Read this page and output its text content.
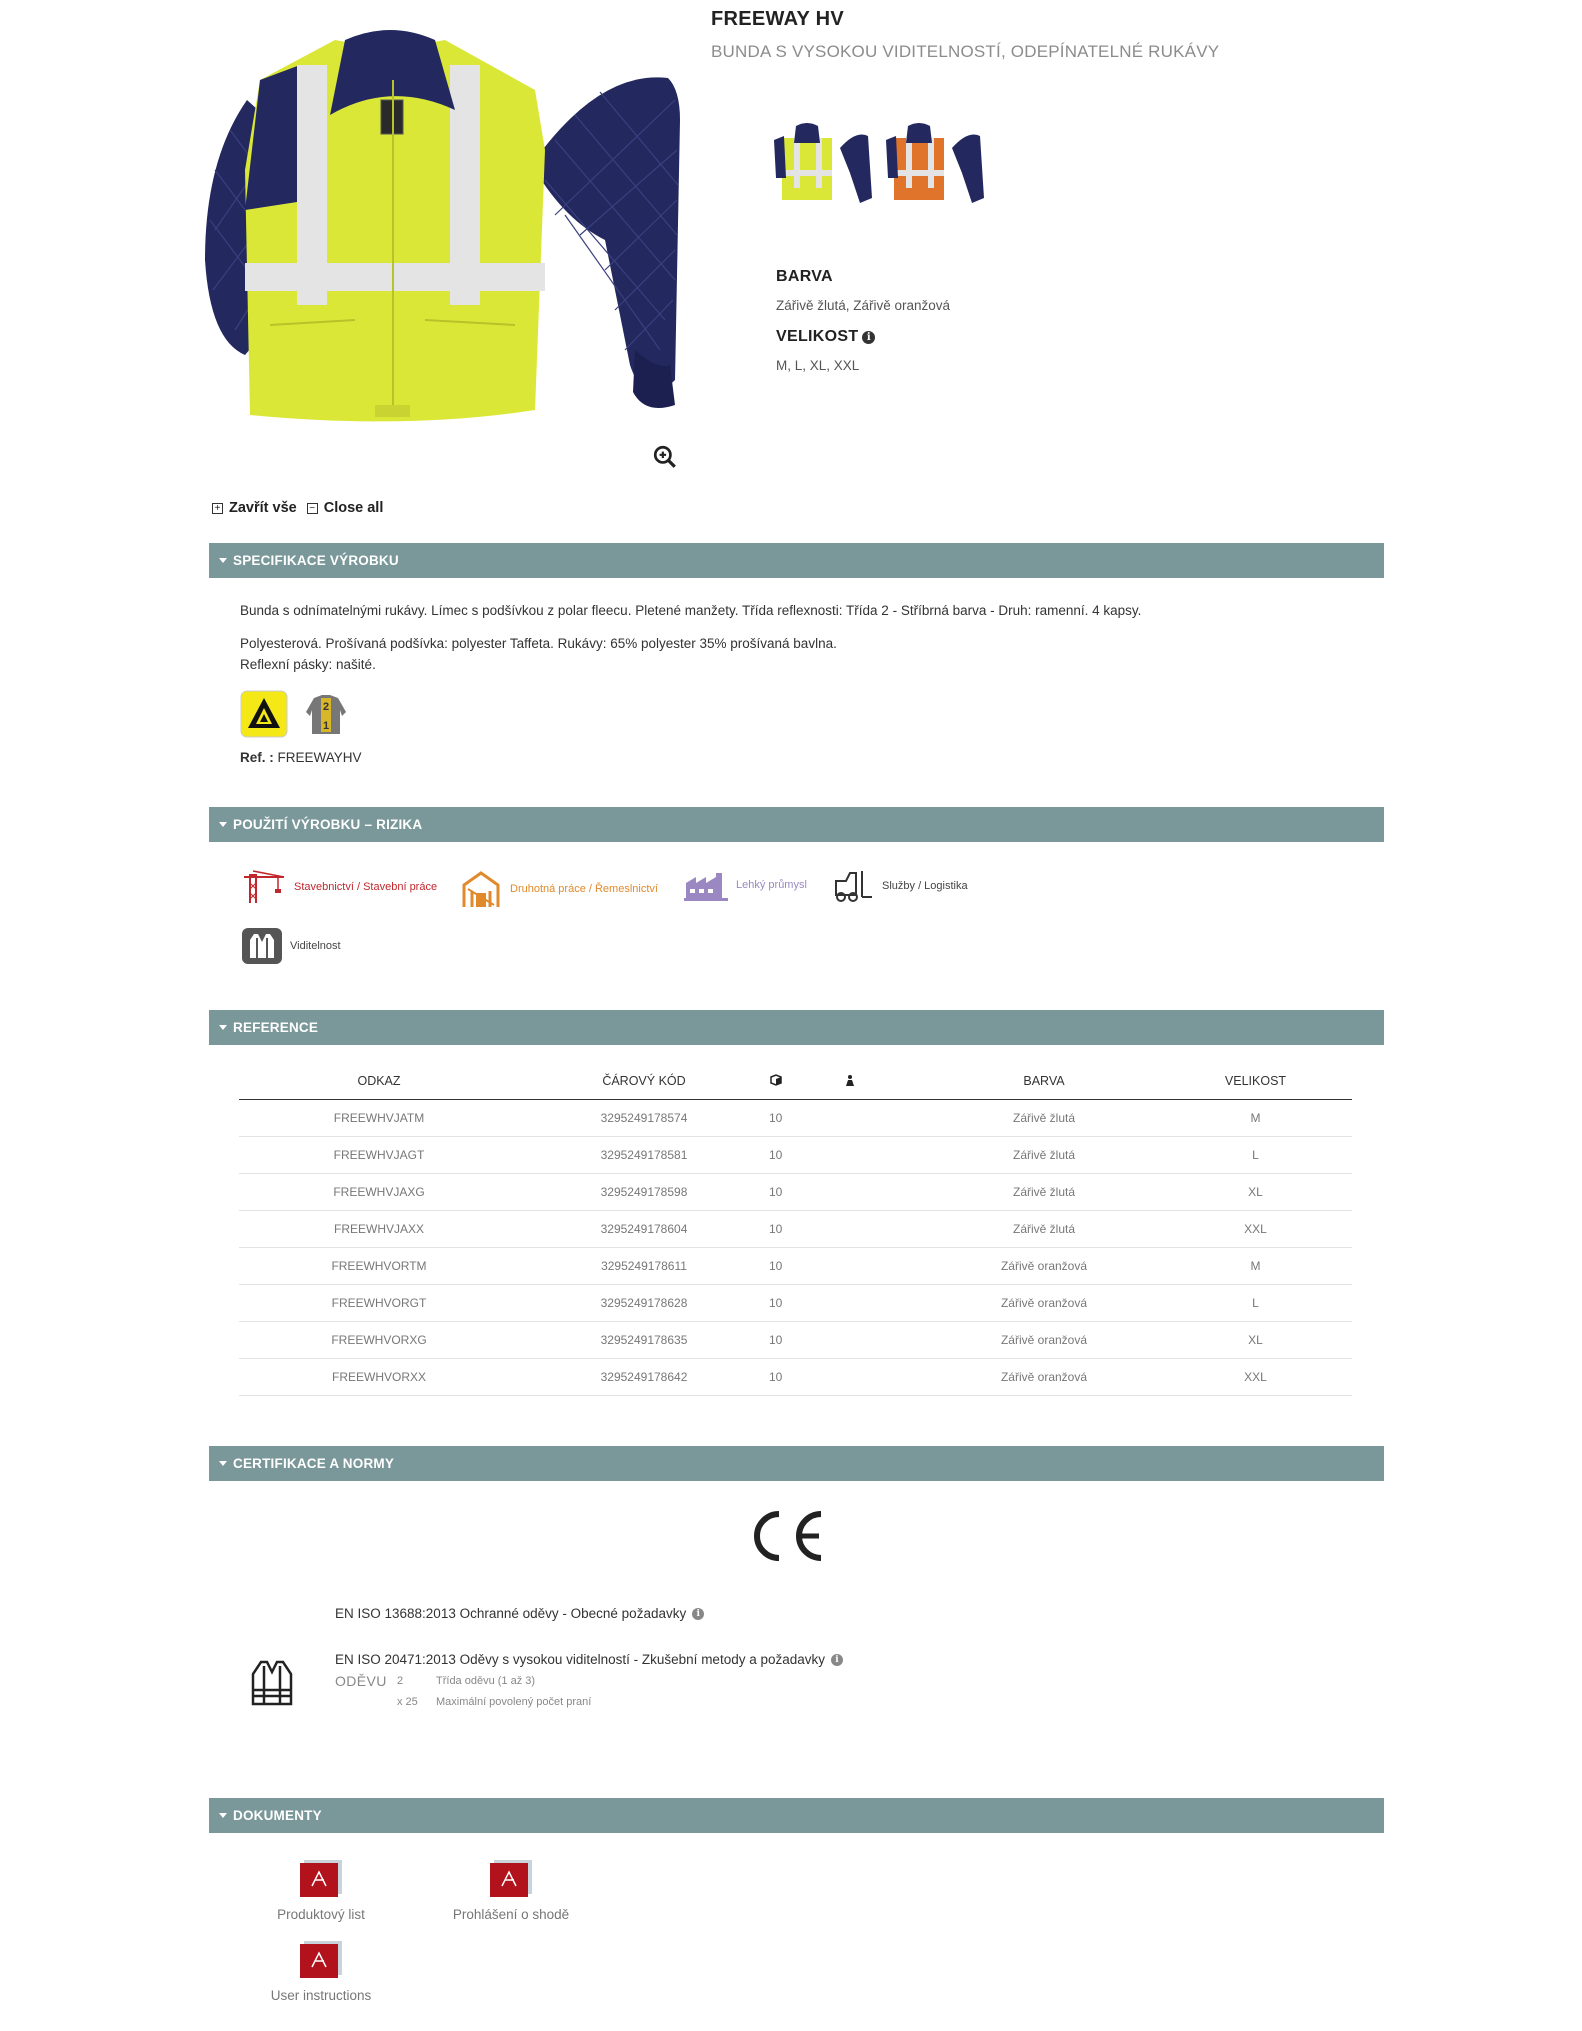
FREEWAY HV
BUNDA S VYSOKOU VIDITELNOSTÍ, ODEPÍNATELNÉ RUKÁVY
BARVA
Zářivě žlutá, Zářivě oranžová
VELIKOST i
M, L, XL, XXL
+ Zavřít vše − Close all
SPECIFIKACE VÝROBKU
Bunda s odnímatelnými rukávy. Límec s podšívkou z polar fleecu. Pletené manžety. Třída reflexnosti: Třída 2 - Stříbrná barva - Druh: ramenní. 4 kapsy.
Polyesterová. Prošívaná podšívka: polyester Taffeta. Rukávy: 65% polyester 35% prošívaná bavlna.
Reflexní pásky: našité.
2
1
Ref. : FREEWAYHV
POUŽITÍ VÝROBKU – RIZIKA
Stavebnictví / Stavební práce	Druhotná práce / Řemeslnictví	Lehký průmysl	Služby / Logistika
Viditelnost
REFERENCE
ODKAZ	ČÁROVÝ KÓD			BARVA	VELIKOST
FREEWHVJATM	3295249178574	10		Zářivě žlutá	M
FREEWHVJAGT	3295249178581	10		Zářivě žlutá	L
FREEWHVJAXG	3295249178598	10		Zářivě žlutá	XL
FREEWHVJAXX	3295249178604	10		Zářivě žlutá	XXL
FREEWHVORTM	3295249178611	10		Zářivě oranžová	M
FREEWHVORGT	3295249178628	10		Zářivě oranžová	L
FREEWHVORXG	3295249178635	10		Zářivě oranžová	XL
FREEWHVORXX	3295249178642	10		Zářivě oranžová	XXL
CERTIFIKACE A NORMY
EN ISO 13688:2013 Ochranné oděvy - Obecné požadavky	i
EN ISO 20471:2013 Oděvy s vysokou viditelností - Zkušební metody a požadavky	i
ODĚVU 2	Třída oděvu (1 až 3)
x 25 Maximální povolený počet praní
DOKUMENTY
Produktový list	Prohlášení o shodě
User instructions
